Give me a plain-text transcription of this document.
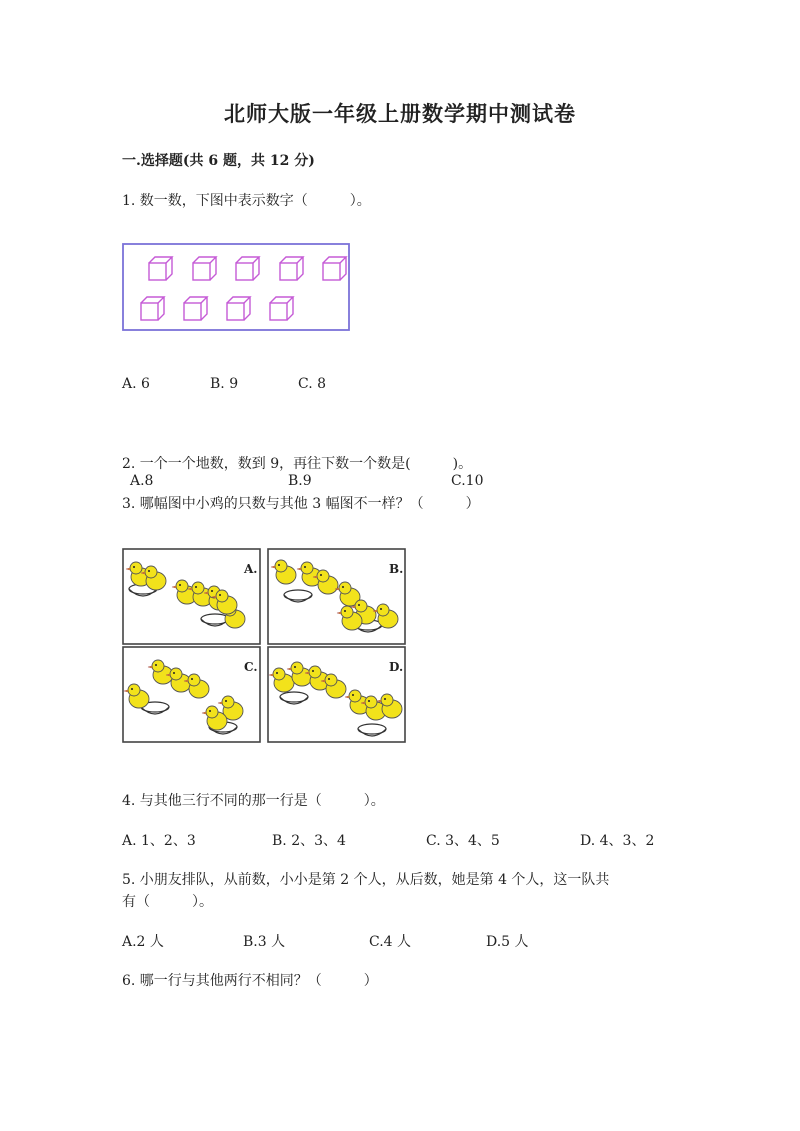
北师大版一年级上册数学期中测试卷
一.选择题(共 6 题，共 12 分)
1. 数一数，下图中表示数字（　　　）。
A. 6	B. 9	C. 8
2. 一个一个地数，数到 9，再往下数一个数是(　　　)。
A.8	B.9	C.10
3. 哪幅图中小鸡的只数与其他 3 幅图不一样？（　　　）
A.	B.
C.	D.
4. 与其他三行不同的那一行是（　　　）。
A. 1、2、3	B. 2、3、4	C. 3、4、5	D. 4、3、2
5. 小朋友排队，从前数，小小是第 2 个人，从后数，她是第 4 个人，这一队共
有（　　　）。
A.2 人	B.3 人	C.4 人	D.5 人
6. 哪一行与其他两行不相同？（　　　）
